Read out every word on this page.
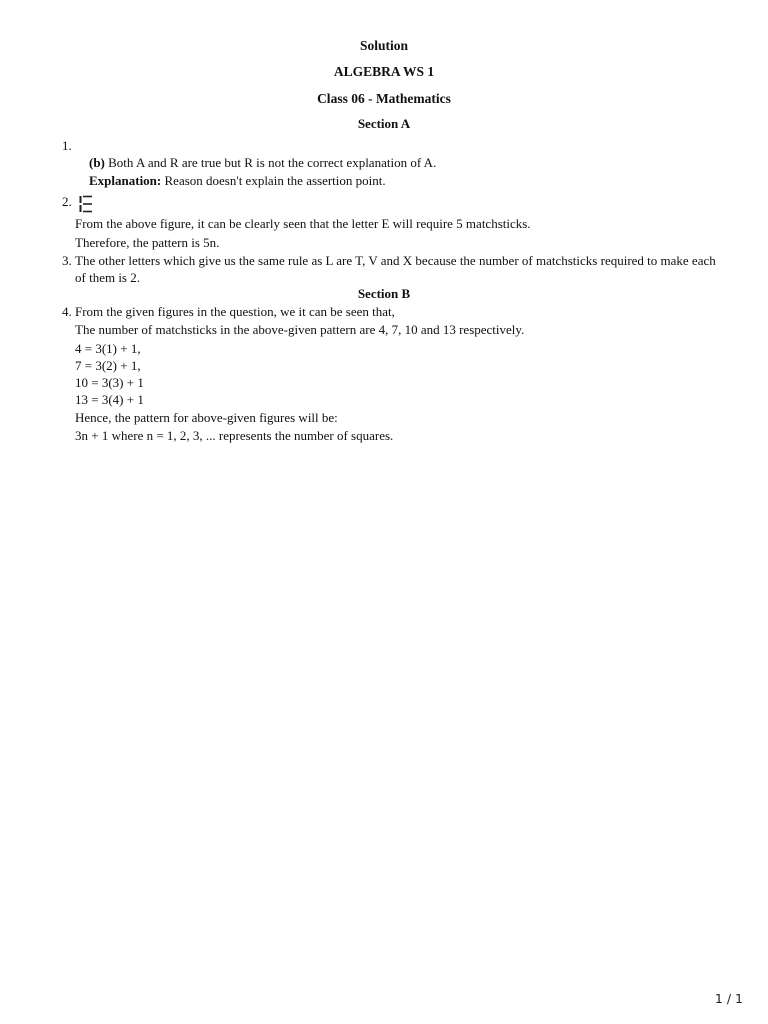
Solution
ALGEBRA WS 1
Class 06 - Mathematics
Section A
1.
(b) Both A and R are true but R is not the correct explanation of A.
Explanation: Reason doesn't explain the assertion point.
2.
From the above figure, it can be clearly seen that the letter E will require 5 matchsticks.
Therefore, the pattern is 5n.
3. The other letters which give us the same rule as L are T, V and X because the number of matchsticks required to make each of them is 2.
Section B
4. From the given figures in the question, we it can be seen that,
The number of matchsticks in the above-given pattern are 4, 7, 10 and 13 respectively.
4 = 3(1) + 1,
7 = 3(2) + 1,
10 = 3(3) + 1
13 = 3(4) + 1
Hence, the pattern for above-given figures will be:
3n + 1 where n = 1, 2, 3, ... represents the number of squares.
1 / 1
